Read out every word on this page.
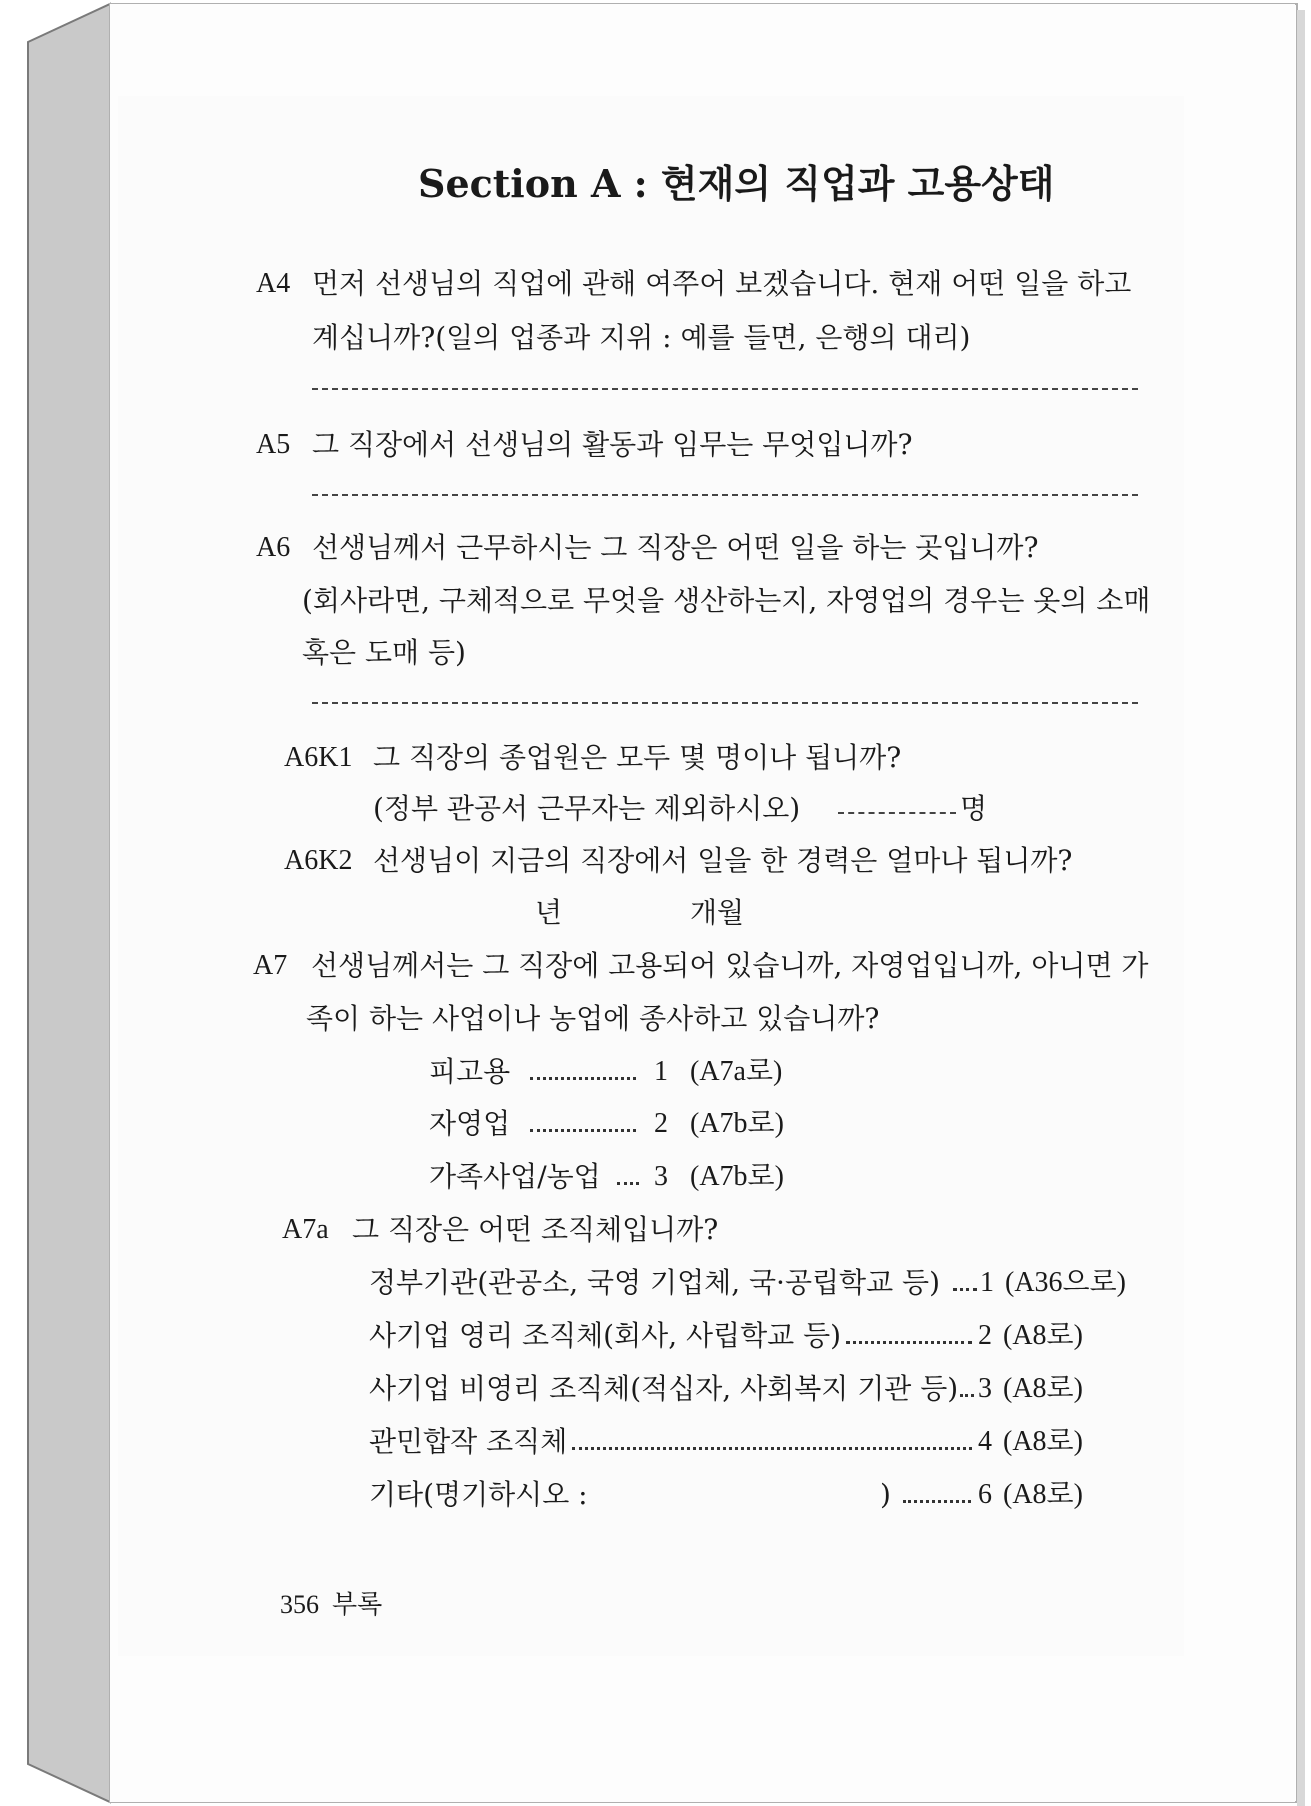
Section A : 현재의 직업과 고용상태
A4 먼저 선생님의 직업에 관해 여쭈어 보겠습니다. 현재 어떤 일을 하고
계십니까?(일의 업종과 지위 : 예를 들면, 은행의 대리)
A5 그 직장에서 선생님의 활동과 임무는 무엇입니까?
A6 선생님께서 근무하시는 그 직장은 어떤 일을 하는 곳입니까?
(회사라면, 구체적으로 무엇을 생산하는지, 자영업의 경우는 옷의 소매
혹은 도매 등)
A6K1 그 직장의 종업원은 모두 몇 명이나 됩니까?
(정부 관공서 근무자는 제외하시오)	명
A6K2 선생님이 지금의 직장에서 일을 한 경력은 얼마나 됩니까?
년	개월
A7 선생님께서는 그 직장에 고용되어 있습니까, 자영업입니까, 아니면 가
족이 하는 사업이나 농업에 종사하고 있습니까?
피고용	1 (A7a로)
자영업	2 (A7b로)
가족사업/농업 3 (A7b로)
A7a 그 직장은 어떤 조직체입니까?
정부기관(관공소, 국영 기업체, 국·공립학교 등) 1 (A36으로)
사기업 영리 조직체(회사, 사립학교 등)	2 (A8로)
사기업 비영리 조직체(적십자, 사회복지 기관 등) 3 (A8로)
관민합작 조직체	4 (A8로)
기타(명기하시오 :	)	6 (A8로)
356 부록
